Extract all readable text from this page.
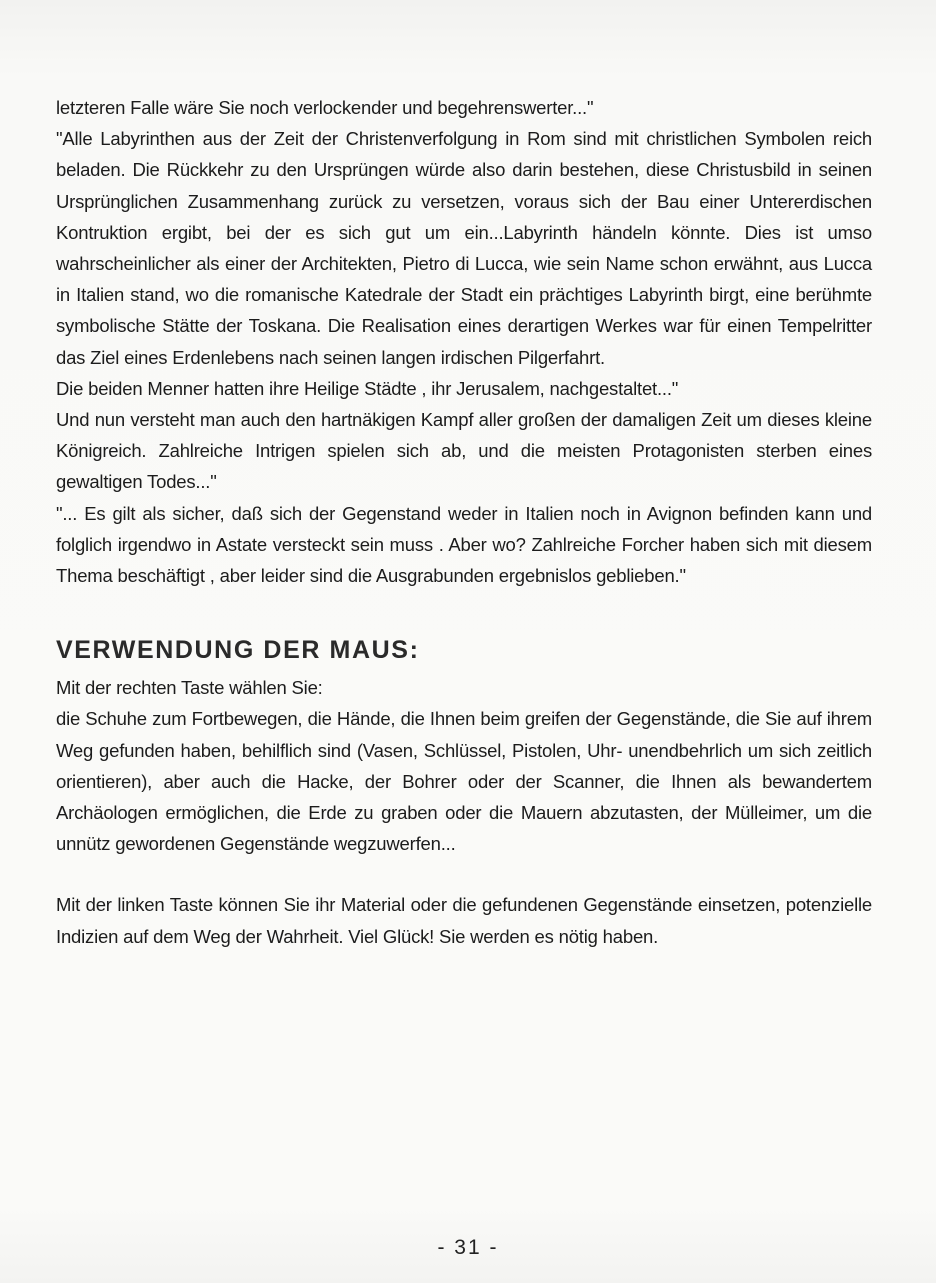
letzteren Falle wäre Sie noch verlockender und begehrenswerter..."

"Alle Labyrinthen aus der Zeit der Christenverfolgung in Rom sind mit christlichen Symbolen reich beladen. Die Rückkehr zu den Ursprüngen würde also darin bestehen, diese Christusbild in seinen Ursprünglichen Zusammenhang zurück zu versetzen, voraus sich der Bau einer Untererdischen Kontruktion ergibt, bei der es sich gut um ein...Labyrinth händeln könnte. Dies ist umso wahrscheinlicher als einer der Architekten, Pietro di Lucca, wie sein Name schon erwähnt, aus Lucca in Italien stand, wo die romanische Katedrale der Stadt ein prächtiges Labyrinth birgt, eine berühmte symbolische Stätte der Toskana. Die Realisation eines derartigen Werkes war für einen Tempelritter das Ziel eines Erdenlebens nach seinen langen irdischen Pilgerfahrt.

Die beiden Menner hatten ihre Heilige Städte , ihr Jerusalem, nachgestaltet..."

Und nun versteht man auch den hartnäkigen Kampf aller großen der damaligen Zeit um dieses kleine Königreich. Zahlreiche Intrigen spielen sich ab, und die meisten Protagonisten sterben eines gewaltigen Todes..."

"... Es gilt als sicher, daß sich der Gegenstand weder in Italien noch in Avignon befinden kann und folglich irgendwo in Astate versteckt sein muss . Aber wo? Zahlreiche Forcher haben sich mit diesem Thema beschäftigt , aber leider sind die Ausgrabunden ergebnislos geblieben."

VERWENDUNG DER MAUS:

Mit der rechten Taste wählen Sie:

die Schuhe zum Fortbewegen, die Hände, die Ihnen beim greifen der Gegenstände, die Sie auf ihrem Weg gefunden haben, behilflich sind (Vasen, Schlüssel, Pistolen, Uhr- unendbehrlich um sich zeitlich orientieren), aber auch die Hacke, der Bohrer oder der Scanner, die Ihnen als bewandertem Archäologen ermöglichen, die Erde zu graben oder die Mauern abzutasten, der Mülleimer, um die unnütz gewordenen Gegenstände wegzuwerfen...

Mit der linken Taste können Sie ihr Material oder die gefundenen Gegenstände einsetzen, potenzielle Indizien auf dem Weg der Wahrheit. Viel Glück! Sie werden es nötig haben.

- 31 -
